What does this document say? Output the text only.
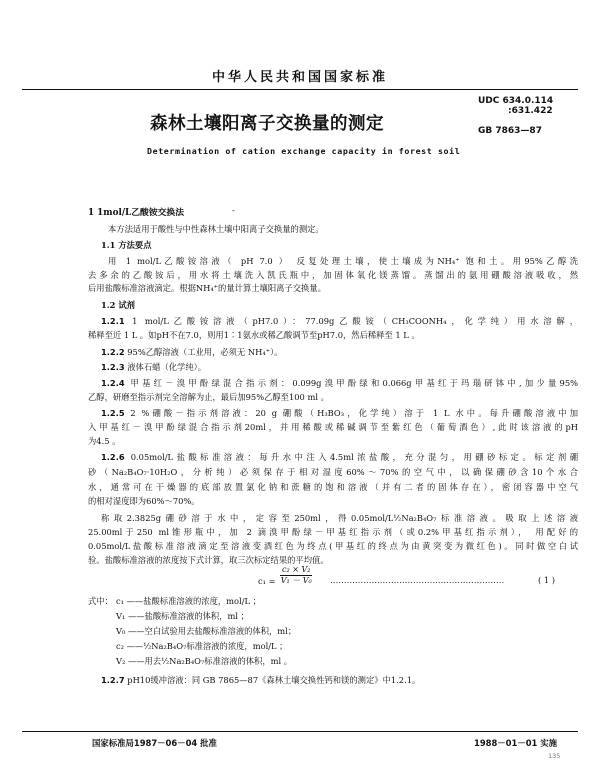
中华人民共和国国家标准
森林土壤阳离子交换量的测定
UDC 634.0.114
:631.422
GB 7863—87
Determination of cation exchange capacity in forest soil
1 1mol/L乙酸铵交换法	-
本方法适用于酸性与中性森林土壤中阳离子交换量的测定。
1.1 方法要点
用 1 mol/L乙酸铵溶液（ pH 7.0 ） 反复处理土壤，使土壤成为NH₄⁺ 饱和土。用95%乙醇洗
去多余的乙酸铵后，用水将土壤洗入凯氏瓶中，加固体氧化镁蒸馏。蒸馏出的氨用硼酸溶液吸收，然
后用盐酸标准溶液滴定。根据NH₄⁺的量计算土壤阳离子交换量。
1.2 试剂
1.2.1 1 mol/L乙酸铵溶液（pH7.0）：77.09g乙酸铵（CH₃COONH₄，化学纯）用水溶解，
稀释至近 1 L 。如pH不在7.0，则用1∶1氨水或稀乙酸调节至pH7.0，然后稀释至 1 L 。
1.2.2 95%乙醇溶液（工业用，必须无 NH₄⁺）。
1.2.3 液体石蜡（化学纯）。
1.2.4 甲基红－溴甲酚绿混合指示剂：0.099g溴甲酚绿和0.066g甲基红于玛瑙研钵中,加少量95%
乙醇，研磨至指示剂完全溶解为止，最后加95%乙醇至100 ml 。
1.2.5 2 %硼酸－指示剂溶液：20 g 硼酸（H₃BO₃，化学纯）溶于 1 L 水中。每升硼酸溶液中加
入甲基红－溴甲酚绿混合指示剂20ml，并用稀酸或稀碱调节至紫红色（葡萄酒色）,此时该溶液的pH
为4.5 。
1.2.6 0.05mol/L盐酸标准溶液：每升水中注入4.5ml浓盐酸，充分混匀，用硼砂标定。标定剂硼
砂（Na₂B₄O₇·10H₂O，分析纯）必须保存于相对湿度60%～70%的空气中，以确保硼砂含10个水合
水，通常可在干燥器的底部放置氯化钠和蔗糖的饱和溶液（并有二者的固体存在），密闭容器中空气
的相对湿度即为60%～70%。
称取2.3825g硼砂溶于水中，定容至250ml，得0.05mol/L½Na₂B₄O₇标准溶液。吸取上述溶液
25.00ml于250 ml锥形瓶中，加 2 滴溴甲酚绿－甲基红指示剂（或0.2%甲基红指示剂）， 用配好的
0.05mol/L盐酸标准溶液滴定至溶液变酒红色为终点(甲基红的终点为由黄突变为微红色)。同时做空白试
验。盐酸标准溶液的浓度按下式计算，取三次标定结果的平均值。
$c_1 = \frac{\text{c₂ × V₂}}{\text{V₁ － V₀}}$ ………………………………………………………	( 1 )
式中： c₁ ——盐酸标准溶液的浓度，mol/L ；
V₁ ——盐酸标准溶液的体积，ml ；
V₀ ——空白试验用去盐酸标准溶液的体积，ml；
c₂ ——½Na₂B₄O₇标准溶液的浓度，mol/L ；
V₂ ——用去½Na₂B₄O₇标准溶液的体积，ml 。
1.2.7 pH10缓冲溶液：同 GB 7865—87《森林土壤交换性钙和镁的测定》中1.2.1。
国家标准局1987－06－04 批准	1988－01－01 实施
135
